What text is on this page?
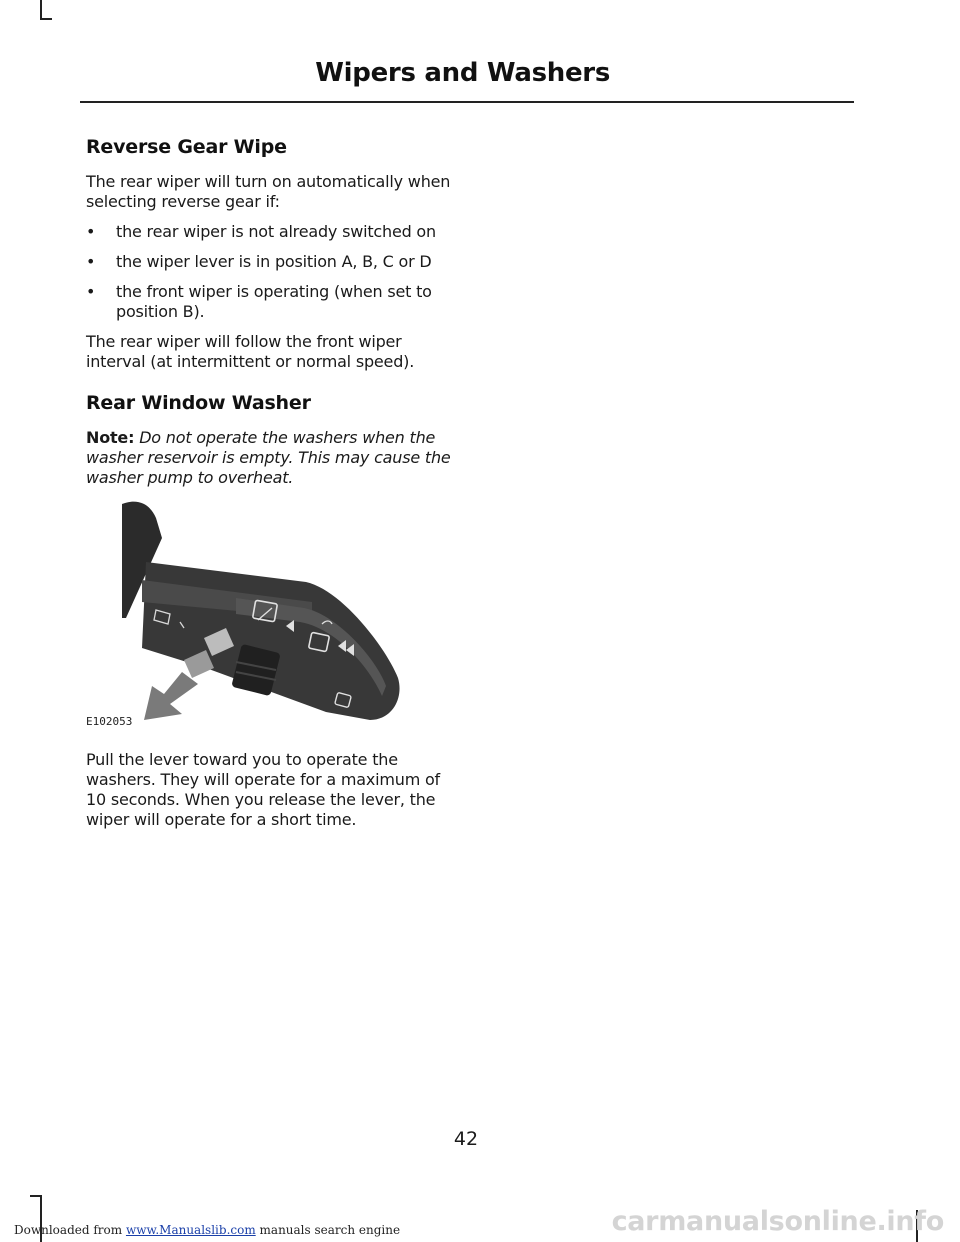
Wipers and Washers
Reverse Gear Wipe

The rear wiper will turn on automatically when selecting reverse gear if:

• the rear wiper is not already switched on
• the wiper lever is in position A, B, C or D
• the front wiper is operating (when set to position B).

The rear wiper will follow the front wiper interval (at intermittent or normal speed).

Rear Window Washer

Note: Do not operate the washers when the washer reservoir is empty. This may cause the washer pump to overheat.

E102053

Pull the lever toward you to operate the washers. They will operate for a maximum of 10 seconds. When you release the lever, the wiper will operate for a short time.

42
Downloaded from www.Manualslib.com manuals search engine	carmanualsonline.info
